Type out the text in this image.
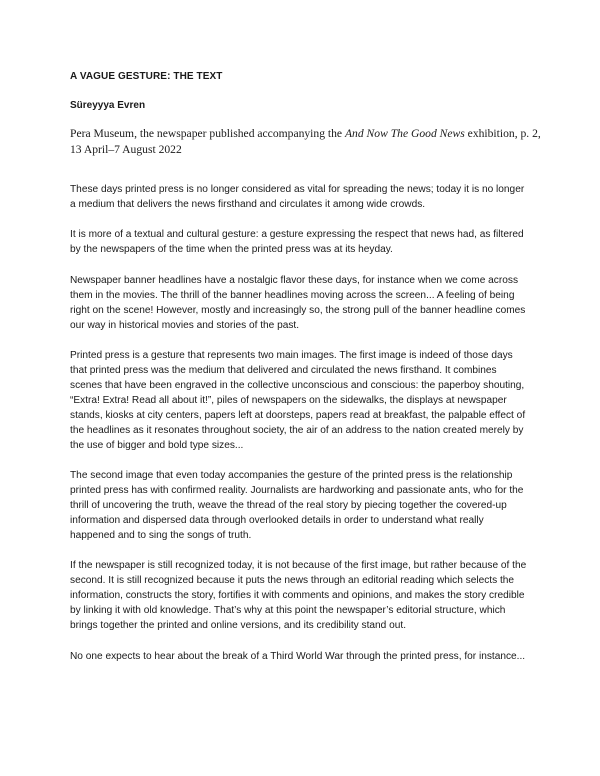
A VAGUE GESTURE: THE TEXT
Süreyyya Evren

Pera Museum, the newspaper published accompanying the And Now The Good News exhibition, p. 2, 13 April–7 August 2022

These days printed press is no longer considered as vital for spreading the news; today it is no longer a medium that delivers the news firsthand and circulates it among wide crowds.

It is more of a textual and cultural gesture: a gesture expressing the respect that news had, as filtered by the newspapers of the time when the printed press was at its heyday.

Newspaper banner headlines have a nostalgic flavor these days, for instance when we come across them in the movies. The thrill of the banner headlines moving across the screen... A feeling of being right on the scene! However, mostly and increasingly so, the strong pull of the banner headline comes our way in historical movies and stories of the past.

Printed press is a gesture that represents two main images. The first image is indeed of those days that printed press was the medium that delivered and circulated the news firsthand. It combines scenes that have been engraved in the collective unconscious and conscious: the paperboy shouting, “Extra! Extra! Read all about it!”, piles of newspapers on the sidewalks, the displays at newspaper stands, kiosks at city centers, papers left at doorsteps, papers read at breakfast, the palpable effect of the headlines as it resonates throughout society, the air of an address to the nation created merely by the use of bigger and bold type sizes...

The second image that even today accompanies the gesture of the printed press is the relationship printed press has with confirmed reality. Journalists are hardworking and passionate ants, who for the thrill of uncovering the truth, weave the thread of the real story by piecing together the covered-up information and dispersed data through overlooked details in order to understand what really happened and to sing the songs of truth.

If the newspaper is still recognized today, it is not because of the first image, but rather because of the second. It is still recognized because it puts the news through an editorial reading which selects the information, constructs the story, fortifies it with comments and opinions, and makes the story credible by linking it with old knowledge. That’s why at this point the newspaper’s editorial structure, which brings together the printed and online versions, and its credibility stand out.

No one expects to hear about the break of a Third World War through the printed press, for instance...
